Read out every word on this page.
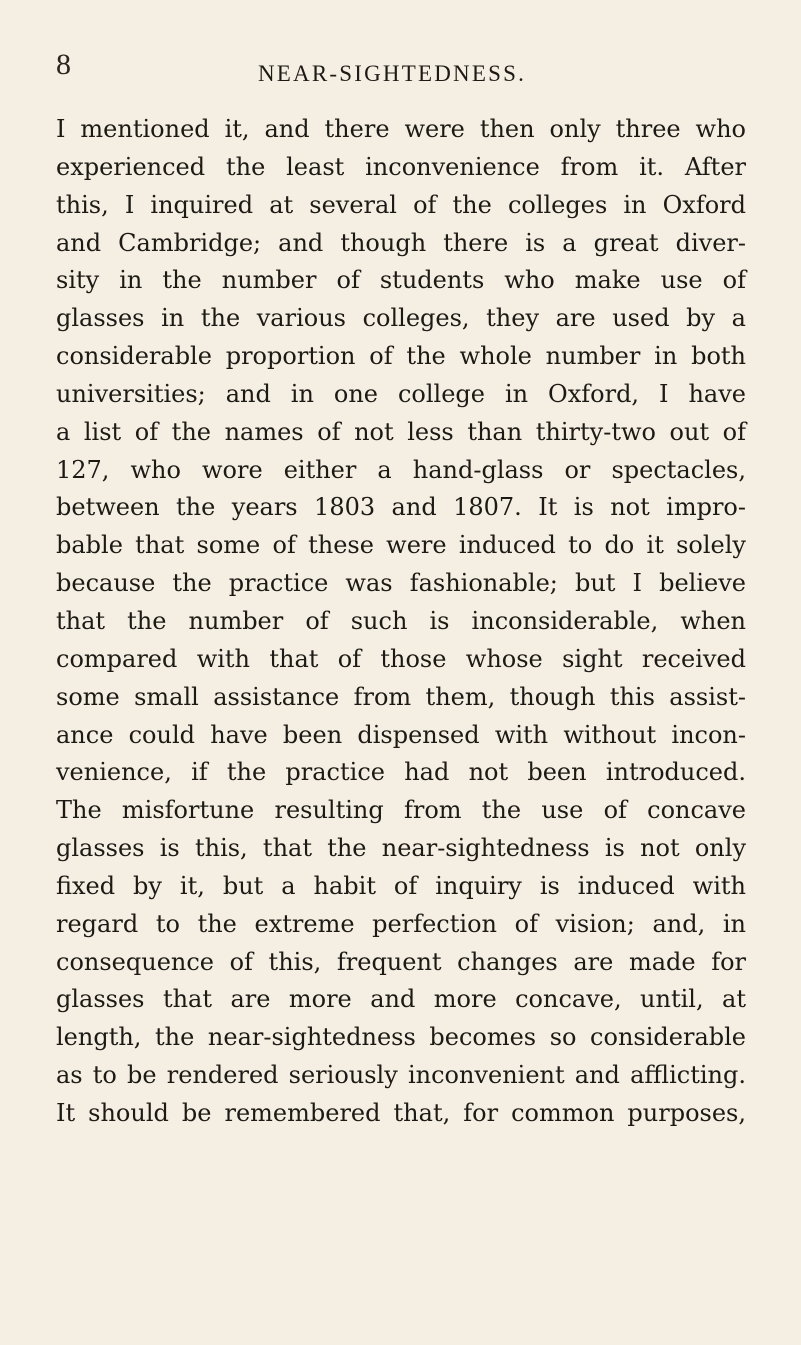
8	NEAR-SIGHTEDNESS.
I mentioned it, and there were then only three who
experienced the least inconvenience from it. After
this, I inquired at several of the colleges in Oxford
and Cambridge; and though there is a great diver-
sity in the number of students who make use of
glasses in the various colleges, they are used by a
considerable proportion of the whole number in both
universities; and in one college in Oxford, I have
a list of the names of not less than thirty-two out of
127, who wore either a hand-glass or spectacles,
between the years 1803 and 1807. It is not impro-
bable that some of these were induced to do it solely
because the practice was fashionable; but I believe
that the number of such is inconsiderable, when
compared with that of those whose sight received
some small assistance from them, though this assist-
ance could have been dispensed with without incon-
venience, if the practice had not been introduced.
The misfortune resulting from the use of concave
glasses is this, that the near-sightedness is not only
fixed by it, but a habit of inquiry is induced with
regard to the extreme perfection of vision; and, in
consequence of this, frequent changes are made for
glasses that are more and more concave, until, at
length, the near-sightedness becomes so considerable
as to be rendered seriously inconvenient and afflicting.
It should be remembered that, for common purposes,
